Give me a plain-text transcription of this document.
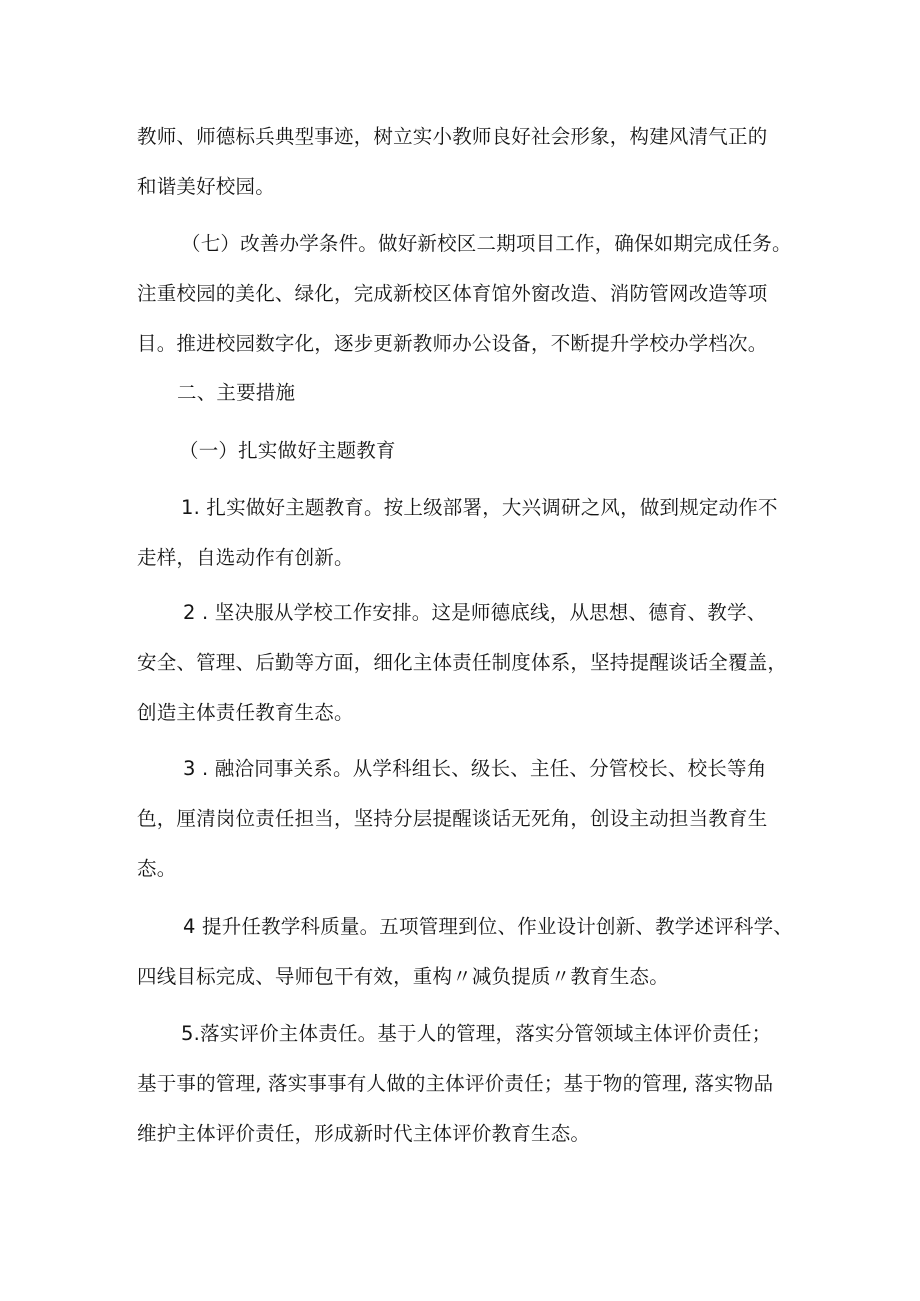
教师、师德标兵典型事迹，树立实小教师良好社会形象，构建风清气正的
和谐美好校园。

（七）改善办学条件。做好新校区二期项目工作，确保如期完成任务。
注重校园的美化、绿化，完成新校区体育馆外窗改造、消防管网改造等项
目。推进校园数字化，逐步更新教师办公设备，不断提升学校办学档次。

二、主要措施

（一）扎实做好主题教育

1. 扎实做好主题教育。按上级部署，大兴调研之风，做到规定动作不
走样，自选动作有创新。

2 . 坚决服从学校工作安排。这是师德底线，从思想、德育、教学、
安全、管理、后勤等方面，细化主体责任制度体系，坚持提醒谈话全覆盖，
创造主体责任教育生态。

3 . 融洽同事关系。从学科组长、级长、主任、分管校长、校长等角
色，厘清岗位责任担当，坚持分层提醒谈话无死角，创设主动担当教育生
态。

4 提升任教学科质量。五项管理到位、作业设计创新、教学述评科学、
四线目标完成、导师包干有效，重构〃减负提质〃教育生态。

5.落实评价主体责任。基于人的管理，落实分管领域主体评价责任；
基于事的管理, 落实事事有人做的主体评价责任；基于物的管理, 落实物品
维护主体评价责任，形成新时代主体评价教育生态。
